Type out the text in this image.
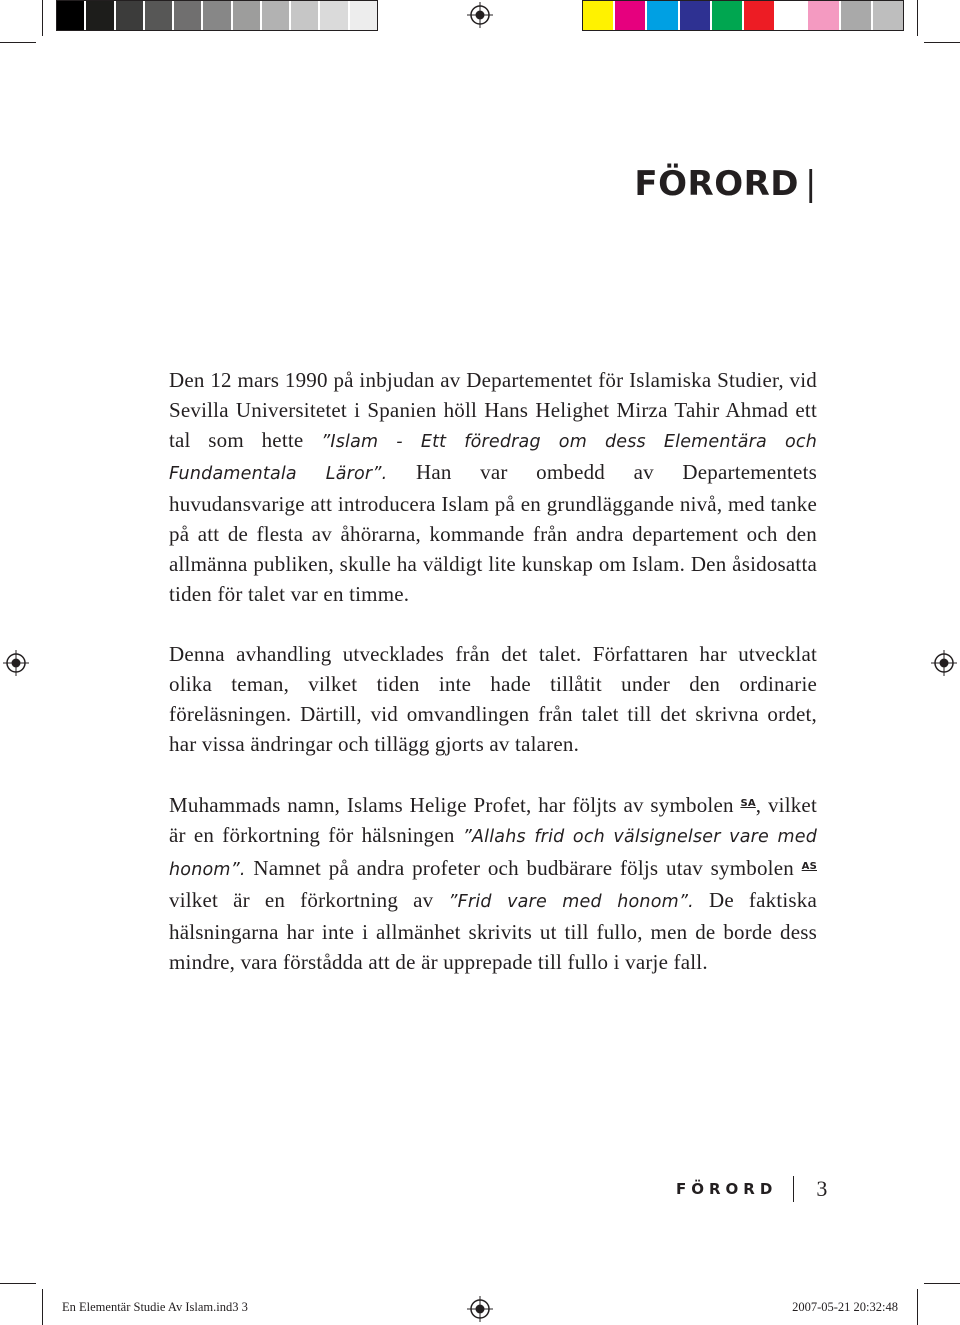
FÖRORD |

Den 12 mars 1990 på inbjudan av Departementet för Islamiska Studier, vid Sevilla Universitetet i Spanien höll Hans Helighet Mirza Tahir Ahmad ett tal som hette ”Islam - Ett föredrag om dess Elementära och Fundamentala Läror”. Han var ombedd av Departementets huvudansvarige att introducera Islam på en grundläggande nivå, med tanke på att de flesta av åhörarna, kommande från andra departement och den allmänna publiken, skulle ha väldigt lite kunskap om Islam. Den åsidosatta tiden för talet var en timme.

Denna avhandling utvecklades från det talet. Författaren har utvecklat olika teman, vilket tiden inte hade tillåtit under den ordinarie föreläsningen. Därtill, vid omvandlingen från talet till det skrivna ordet, har vissa ändringar och tillägg gjorts av talaren.

Muhammads namn, Islams Helige Profet, har följts av symbolen $^{SA}$, vilket är en förkortning för hälsningen ”Allahs frid och välsignelser vare med honom”. Namnet på andra profeter och budbärare följs utav symbolen $^{AS}$ vilket är en förkortning av ”Frid vare med honom”. De faktiska hälsningarna har inte i allmänhet skrivits ut till fullo, men de borde dess mindre, vara förstådda att de är upprepade till fullo i varje fall.

FÖRORD 3
En Elementär Studie Av Islam.ind3 3	2007-05-21 20:32:48
